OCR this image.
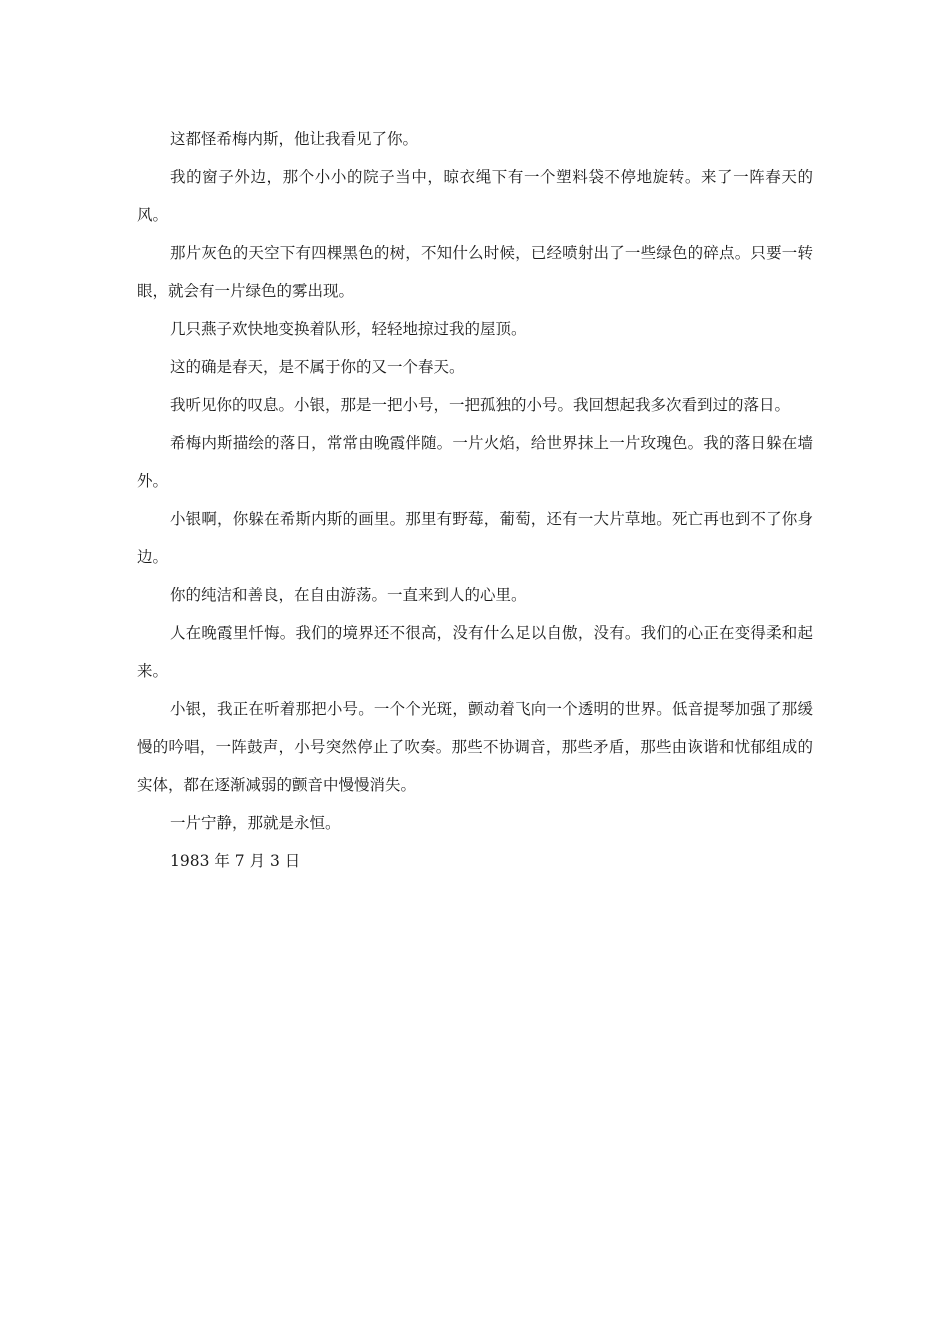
这都怪希梅内斯，他让我看见了你。

我的窗子外边，那个小小的院子当中，晾衣绳下有一个塑料袋不停地旋转。来了一阵春天的风。

那片灰色的天空下有四棵黑色的树，不知什么时候，已经喷射出了一些绿色的碎点。只要一转眼，就会有一片绿色的雾出现。

几只燕子欢快地变换着队形，轻轻地掠过我的屋顶。

这的确是春天，是不属于你的又一个春天。

我听见你的叹息。小银，那是一把小号，一把孤独的小号。我回想起我多次看到过的落日。

希梅内斯描绘的落日，常常由晚霞伴随。一片火焰，给世界抹上一片玫瑰色。我的落日躲在墙外。

小银啊，你躲在希斯内斯的画里。那里有野莓，葡萄，还有一大片草地。死亡再也到不了你身边。

你的纯洁和善良，在自由游荡。一直来到人的心里。

人在晚霞里忏悔。我们的境界还不很高，没有什么足以自傲，没有。我们的心正在变得柔和起来。

小银，我正在听着那把小号。一个个光斑，颤动着飞向一个透明的世界。低音提琴加强了那缓慢的吟唱，一阵鼓声，小号突然停止了吹奏。那些不协调音，那些矛盾，那些由诙谐和忧郁组成的实体，都在逐渐减弱的颤音中慢慢消失。

一片宁静，那就是永恒。

1983 年 7 月 3 日
